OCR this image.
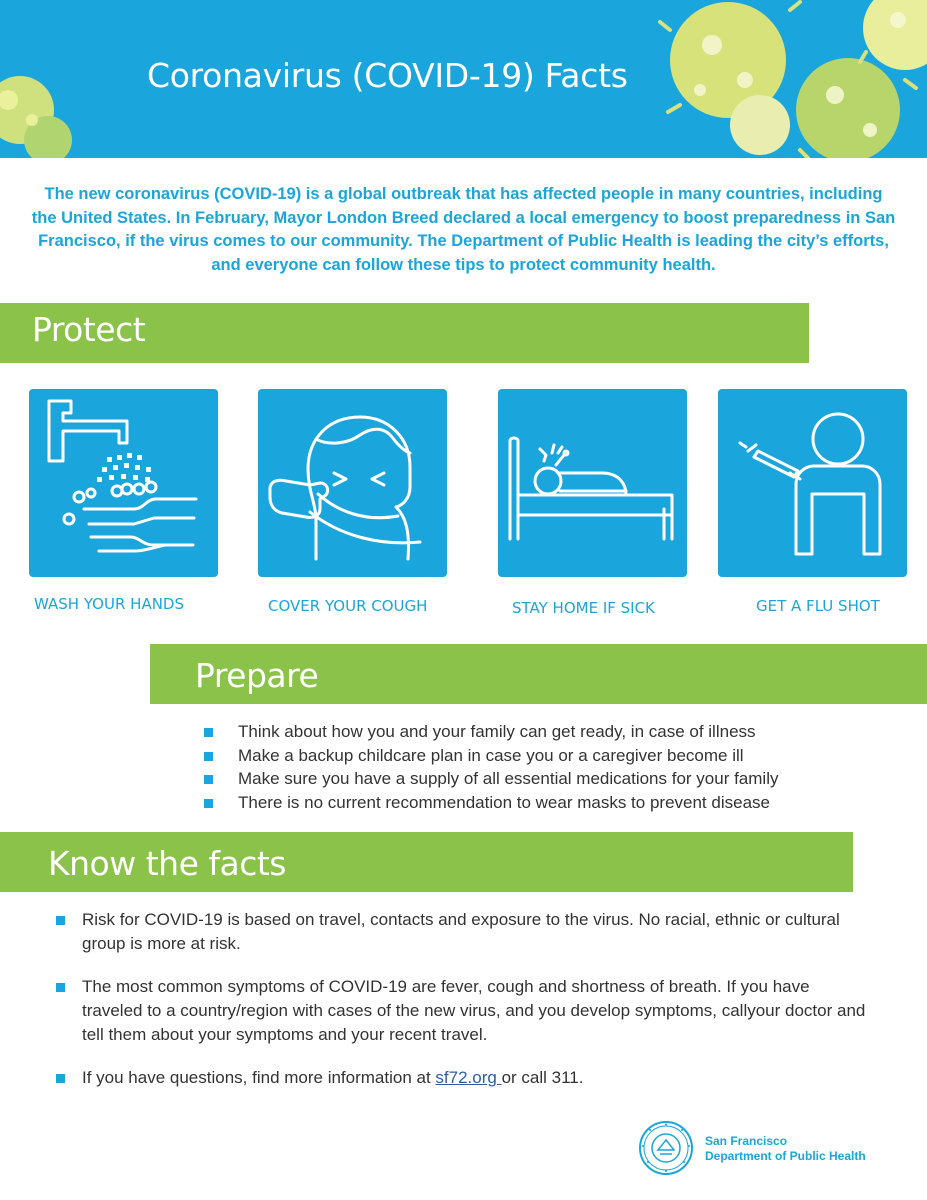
Coronavirus (COVID-19) Facts
The new coronavirus (COVID-19) is a global outbreak that has affected people in many countries, including the United States. In February, Mayor London Breed declared a local emergency to boost preparedness in San Francisco, if the virus comes to our community. The Department of Public Health is leading the city’s efforts, and everyone can follow these tips to protect community health.
Protect
WASH YOUR HANDS	COVER YOUR COUGH	STAY HOME IF SICK	GET A FLU SHOT
Prepare
Think about how you and your family can get ready, in case of illness
Make a backup childcare plan in case you or a caregiver become ill
Make sure you have a supply of all essential medications for your family
There is no current recommendation to wear masks to prevent disease
Know the facts
Risk for COVID-19 is based on travel, contacts and exposure to the virus. No racial, ethnic or cultural group is more at risk.
The most common symptoms of COVID-19 are fever, cough and shortness of breath. If you have traveled to a country/region with cases of the new virus, and you develop symptoms, callyour doctor and tell them about your symptoms and your recent travel.
If you have questions, find more information at sf72.org or call 311.
San Francisco
Department of Public Health
